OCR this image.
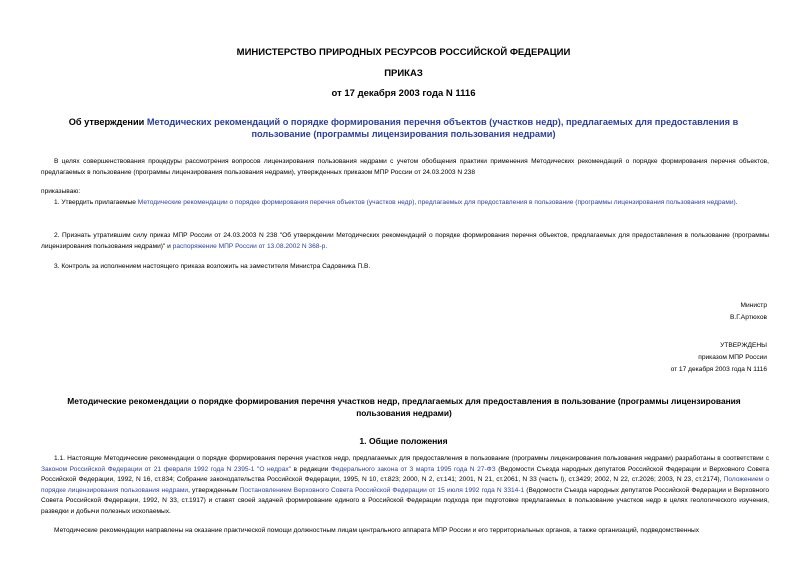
МИНИСТЕРСТВО ПРИРОДНЫХ РЕСУРСОВ РОССИЙСКОЙ ФЕДЕРАЦИИ
ПРИКАЗ
от 17 декабря 2003 года N 1116
Об утверждении Методических рекомендаций о порядке формирования перечня объектов (участков недр), предлагаемых для предоставления в пользование (программы лицензирования пользования недрами)
В целях совершенствования процедуры рассмотрения вопросов лицензирования пользования недрами с учетом обобщения практики применения Методических рекомендаций о порядке формирования перечня объектов, предлагаемых в пользование (программы лицензирования пользования недрами), утвержденных приказом МПР России от 24.03.2003 N 238
приказываю:
1. Утвердить прилагаемые Методические рекомендации о порядке формирования перечня объектов (участков недр), предлагаемых для предоставления в пользование (программы лицензирования пользования недрами).
2. Признать утратившим силу приказ МПР России от 24.03.2003 N 238 "Об утверждении Методических рекомендаций о порядке формирования перечня объектов, предлагаемых для предоставления в пользование (программы лицензирования пользования недрами)" и распоряжение МПР России от 13.08.2002 N 368-р.
3. Контроль за исполнением настоящего приказа возложить на заместителя Министра Садовника П.В.
Министр
В.Г.Артюхов
УТВЕРЖДЕНЫ
приказом МПР России
от 17 декабря 2003 года N 1116
Методические рекомендации о порядке формирования перечня участков недр, предлагаемых для предоставления в пользование (программы лицензирования пользования недрами)
1. Общие положения
1.1. Настоящие Методические рекомендации о порядке формирования перечня участков недр, предлагаемых для предоставления в пользование (программы лицензирования пользования недрами) разработаны в соответствии с Законом Российской Федерации от 21 февраля 1992 года N 2395-1 "О недрах" в редакции Федерального закона от 3 марта 1995 года N 27-ФЗ (Ведомости Съезда народных депутатов Российской Федерации и Верховного Совета Российской Федерации, 1992, N 16, ст.834; Собрание законодательства Российской Федерации, 1995, N 10, ст.823; 2000, N 2, ст.141; 2001, N 21, ст.2061, N 33 (часть I), ст.3429; 2002, N 22, ст.2026; 2003, N 23, ст.2174), Положением о порядке лицензирования пользования недрами, утвержденным Постановлением Верховного Совета Российской Федерации от 15 июля 1992 года N 3314-1 (Ведомости Съезда народных депутатов Российской Федерации и Верховного Совета Российской Федерации, 1992, N 33, ст.1917) и ставят своей задачей формирование единого в Российской Федерации подхода при подготовке предлагаемых в пользование участков недр в целях геологического изучения, разведки и добычи полезных ископаемых.
Методические рекомендации направлены на оказание практической помощи должностным лицам центрального аппарата МПР России и его территориальных органов, а также организаций, подведомственных
